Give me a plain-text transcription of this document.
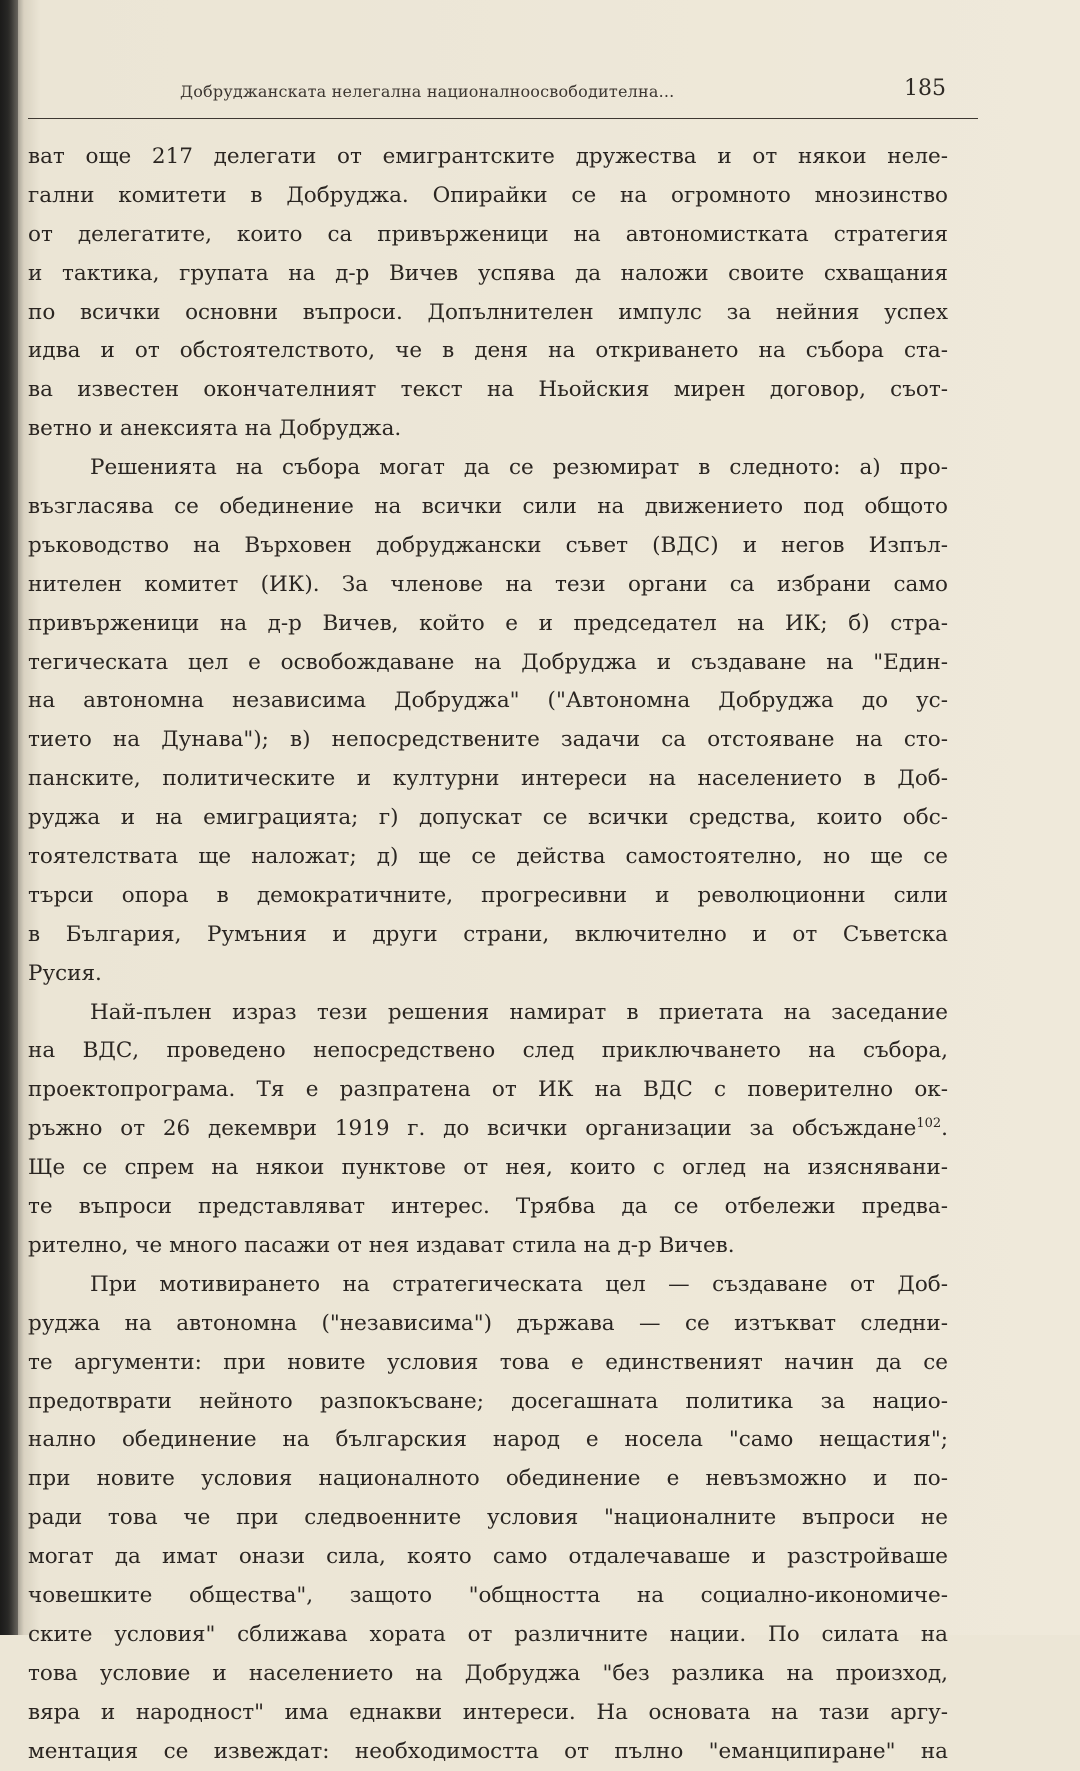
Добруджанската нелегална националноосвободителна...	185
ват още 217 делегати от емигрантските дружества и от някои неле-
гални комитети в Добруджа. Опирайки се на огромното мнозинство
от делегатите, които са привърженици на автономистката стратегия
и тактика, групата на д-р Вичев успява да наложи своите схващания
по всички основни въпроси. Допълнителен импулс за нейния успех
идва и от обстоятелството, че в деня на откриването на събора ста-
ва известен окончателният текст на Ньойския мирен договор, съот-
ветно и анексията на Добруджа.
Решенията на събора могат да се резюмират в следното: а) про-
възгласява се обединение на всички сили на движението под общото
ръководство на Върховен добруджански съвет (ВДС) и негов Изпъл-
нителен комитет (ИК). За членове на тези органи са избрани само
привърженици на д-р Вичев, който е и председател на ИК; б) стра-
тегическата цел е освобождаване на Добруджа и създаване на "Един-
на автономна независима Добруджа" ("Автономна Добруджа до ус-
тието на Дунава"); в) непосредствените задачи са отстояване на сто-
панските, политическите и културни интереси на населението в Доб-
руджа и на емиграцията; г) допускат се всички средства, които обс-
тоятелствата ще наложат; д) ще се действа самостоятелно, но ще се
търси опора в демократичните, прогресивни и революционни сили
в България, Румъния и други страни, включително и от Съветска
Русия.
Най-пълен израз тези решения намират в приетата на заседание
на ВДС, проведено непосредствено след приключването на събора,
проектопрограма. Тя е разпратена от ИК на ВДС с поверително ок-
ръжно от 26 декември 1919 г. до всички организации за обсъждане$^{102}$.
Ще се спрем на някои пунктове от нея, които с оглед на изяснявани-
те въпроси представляват интерес. Трябва да се отбележи предва-
рително, че много пасажи от нея издават стила на д-р Вичев.
При мотивирането на стратегическата цел — създаване от Доб-
руджа на автономна ("независима") държава — се изтъкват следни-
те аргументи: при новите условия това е единственият начин да се
предотврати нейното разпокъсване; досегашната политика за нацио-
нално обединение на българския народ е носела "само нещастия";
при новите условия националното обединение е невъзможно и по-
ради това че при следвоенните условия "националните въпроси не
могат да имат онази сила, която само отдалечаваше и разстройваше
човешките общества", защото "общността на социално-икономиче-
ските условия" сближава хората от различните нации. По силата на
това условие и населението на Добруджа "без разлика на произход,
вяра и народност" има еднакви интереси. На основата на тази аргу-
ментация се извеждат: необходимостта от пълно "еманципиране" на
